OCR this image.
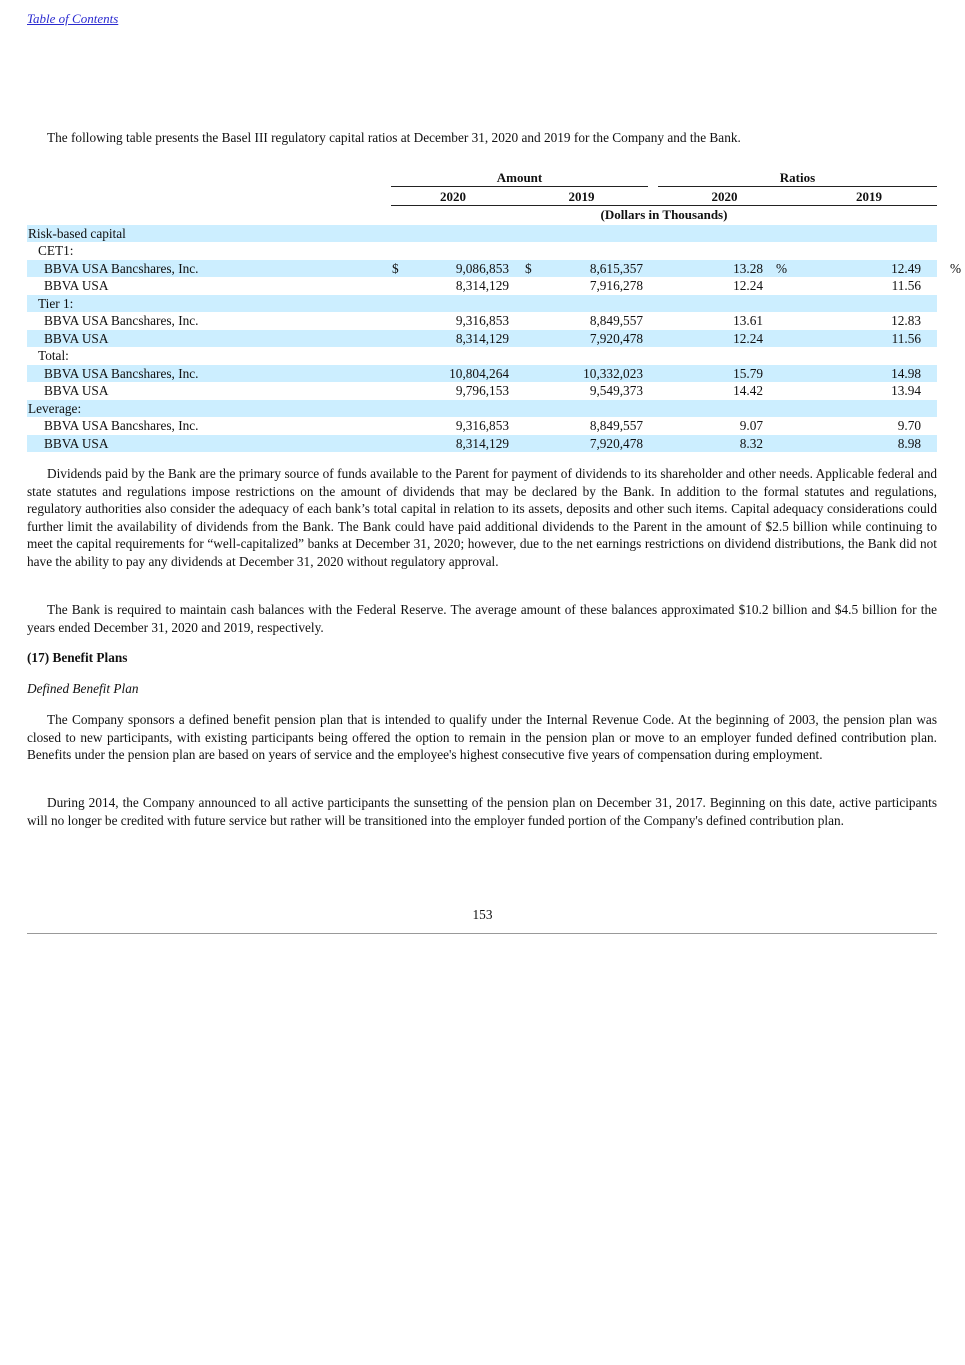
Table of Contents

The following table presents the Basel III regulatory capital ratios at December 31, 2020 and 2019 for the Company and the Bank.

Amount	Ratios
2020	2019	2020	2019
(Dollars in Thousands)
Risk-based capital
CET1:
BBVA USA Bancshares, Inc.	$	9,086,853 $	8,615,357	13.28 %	12.49 %
BBVA USA	8,314,129	7,916,278	12.24	11.56
Tier 1:
BBVA USA Bancshares, Inc.	9,316,853	8,849,557	13.61	12.83
BBVA USA	8,314,129	7,920,478	12.24	11.56
Total:
BBVA USA Bancshares, Inc.	10,804,264	10,332,023	15.79	14.98
BBVA USA	9,796,153	9,549,373	14.42	13.94
Leverage:
BBVA USA Bancshares, Inc.	9,316,853	8,849,557	9.07	9.70
BBVA USA	8,314,129	7,920,478	8.32	8.98

Dividends paid by the Bank are the primary source of funds available to the Parent for payment of dividends to its shareholder and other needs. Applicable federal and state statutes and regulations impose restrictions on the amount of dividends that may be declared by the Bank. In addition to the formal statutes and regulations, regulatory authorities also consider the adequacy of each bank’s total capital in relation to its assets, deposits and other such items. Capital adequacy considerations could further limit the availability of dividends from the Bank. The Bank could have paid additional dividends to the Parent in the amount of $2.5 billion while continuing to meet the capital requirements for “well-capitalized” banks at December 31, 2020; however, due to the net earnings restrictions on dividend distributions, the Bank did not have the ability to pay any dividends at December 31, 2020 without regulatory approval.

The Bank is required to maintain cash balances with the Federal Reserve. The average amount of these balances approximated $10.2 billion and $4.5 billion for the years ended December 31, 2020 and 2019, respectively.

(17) Benefit Plans

Defined Benefit Plan

The Company sponsors a defined benefit pension plan that is intended to qualify under the Internal Revenue Code. At the beginning of 2003, the pension plan was closed to new participants, with existing participants being offered the option to remain in the pension plan or move to an employer funded defined contribution plan. Benefits under the pension plan are based on years of service and the employee's highest consecutive five years of compensation during employment.

During 2014, the Company announced to all active participants the sunsetting of the pension plan on December 31, 2017. Beginning on this date, active participants will no longer be credited with future service but rather will be transitioned into the employer funded portion of the Company's defined contribution plan.

153
